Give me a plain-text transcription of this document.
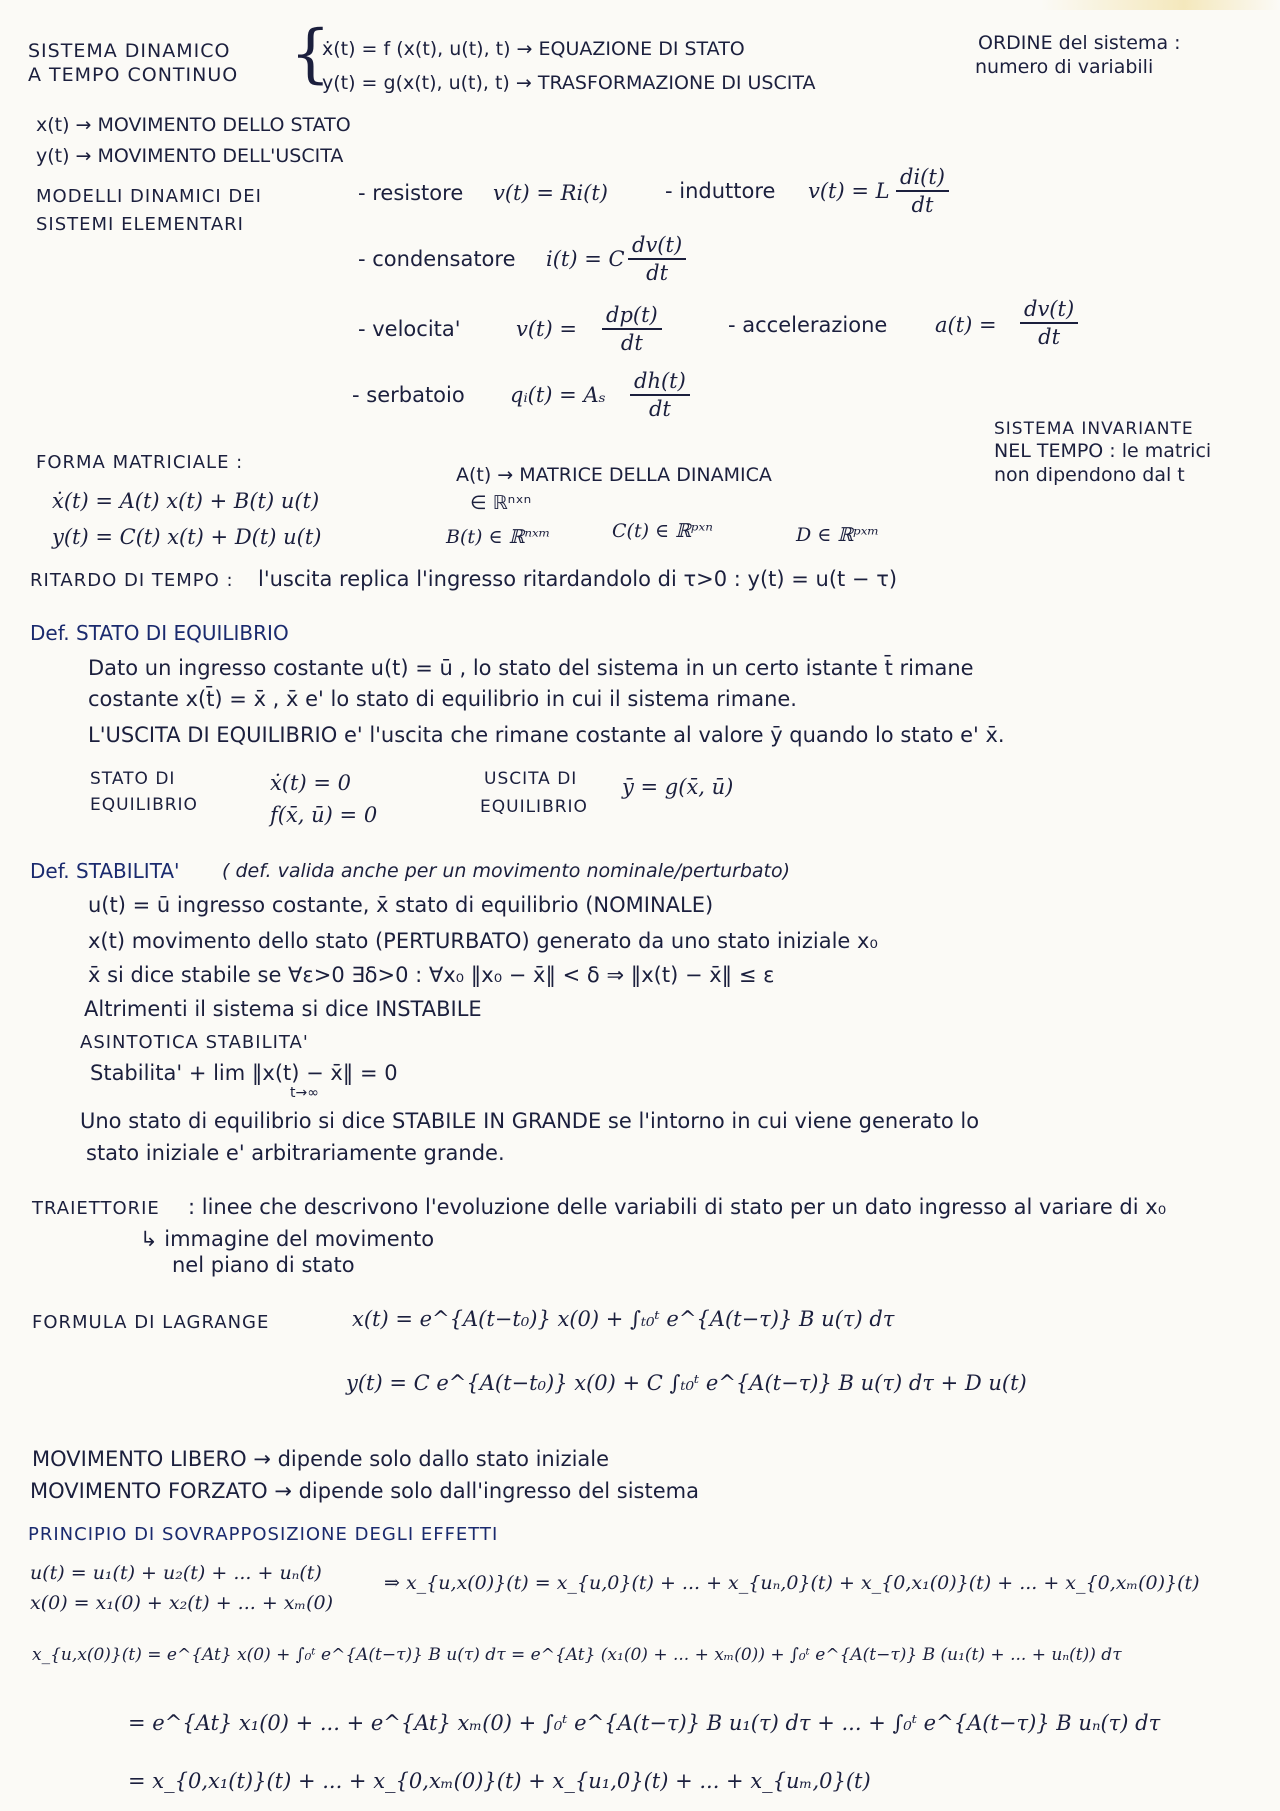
SISTEMA DINAMICO
A TEMPO CONTINUO {
ẋ(t) = f (x(t), u(t), t) → EQUAZIONE DI STATO
y(t) = g(x(t), u(t), t) → TRASFORMAZIONE DI USCITA
ORDINE del sistema :
numero di variabili
x(t) → MOVIMENTO DELLO STATO
y(t) → MOVIMENTO DELL'USCITA
MODELLI DINAMICI DEI
SISTEMI ELEMENTARI
- resistore v(t) = Ri(t)	- induttore v(t) = L $\frac{di(t)}{dt}$
- condensatore i(t) = C $\frac{dv(t)}{dt}$
- velocita'	$v(t) = \frac{dp(t)}{dt}$	- accelerazione $a(t) = \frac{dv(t)}{dt}$
- serbatoio qᵢ(t) = Aₛ $\frac{dh(t)}{dt}$
SISTEMA INVARIANTE
NEL TEMPO : le matrici
non dipendono dal t
FORMA MATRICIALE :
ẋ(t) = A(t) x(t) + B(t) u(t)
y(t) = C(t) x(t) + D(t) u(t)
A(t) → MATRICE DELLA DINAMICA
∈ ℝⁿˣⁿ
B(t) ∈ ℝⁿˣᵐ	C(t) ∈ ℝᵖˣⁿ	D ∈ ℝᵖˣᵐ
RITARDO DI TEMPO : l'uscita replica l'ingresso ritardandolo di τ>0 : y(t) = u(t − τ)
Def. STATO DI EQUILIBRIO
Dato un ingresso costante u(t) = ū , lo stato del sistema in un certo istante t̄ rimane
costante x(t̄) = x̄ , x̄ e' lo stato di equilibrio in cui il sistema rimane.
L'USCITA DI EQUILIBRIO e' l'uscita che rimane costante al valore ȳ quando lo stato e' x̄.
STATO DI
EQUILIBRIO
ẋ(t) = 0
f(x̄, ū) = 0
USCITA DI
EQUILIBRIO
ȳ = g(x̄, ū)
Def. STABILITA' ( def. valida anche per un movimento nominale/perturbato)
u(t) = ū ingresso costante, x̄ stato di equilibrio (NOMINALE)
x(t) movimento dello stato (PERTURBATO) generato da uno stato iniziale x₀
x̄ si dice stabile se ∀ε>0 ∃δ>0 : ∀x₀ ‖x₀ − x̄‖ < δ ⇒ ‖x(t) − x̄‖ ≤ ε
Altrimenti il sistema si dice INSTABILE
ASINTOTICA STABILITA'
Stabilita' + lim ‖x(t) − x̄‖ = 0
t→∞
Uno stato di equilibrio si dice STABILE IN GRANDE se l'intorno in cui viene generato lo
stato iniziale e' arbitrariamente grande.
TRAIETTORIE : linee che descrivono l'evoluzione delle variabili di stato per un dato ingresso al variare di x₀
↳ immagine del movimento
nel piano di stato
FORMULA DI LAGRANGE	x(t) = e^{A(t−t₀)} x(0) + ∫ₜ₀ᵗ e^{A(t−τ)} B u(τ) dτ
y(t) = C e^{A(t−t₀)} x(0) + C ∫ₜ₀ᵗ e^{A(t−τ)} B u(τ) dτ + D u(t)
MOVIMENTO LIBERO → dipende solo dallo stato iniziale
MOVIMENTO FORZATO → dipende solo dall'ingresso del sistema
PRINCIPIO DI SOVRAPPOSIZIONE DEGLI EFFETTI
u(t) = u₁(t) + u₂(t) + ... + uₙ(t)
x(0) = x₁(0) + x₂(t) + ... + xₘ(0)
⇒ x_{u,x(0)}(t) = x_{u,0}(t) + ... + x_{uₙ,0}(t) + x_{0,x₁(0)}(t) + ... + x_{0,xₘ(0)}(t)
x_{u,x(0)}(t) = e^{At} x(0) + ∫₀ᵗ e^{A(t−τ)} B u(τ) dτ = e^{At} (x₁(0) + ... + xₘ(0)) + ∫₀ᵗ e^{A(t−τ)} B (u₁(t) + ... + uₙ(t)) dτ
= e^{At} x₁(0) + ... + e^{At} xₘ(0) + ∫₀ᵗ e^{A(t−τ)} B u₁(τ) dτ + ... + ∫₀ᵗ e^{A(t−τ)} B uₙ(τ) dτ
= x_{0,x₁(t)}(t) + ... + x_{0,xₘ(0)}(t) + x_{u₁,0}(t) + ... + x_{uₘ,0}(t)
